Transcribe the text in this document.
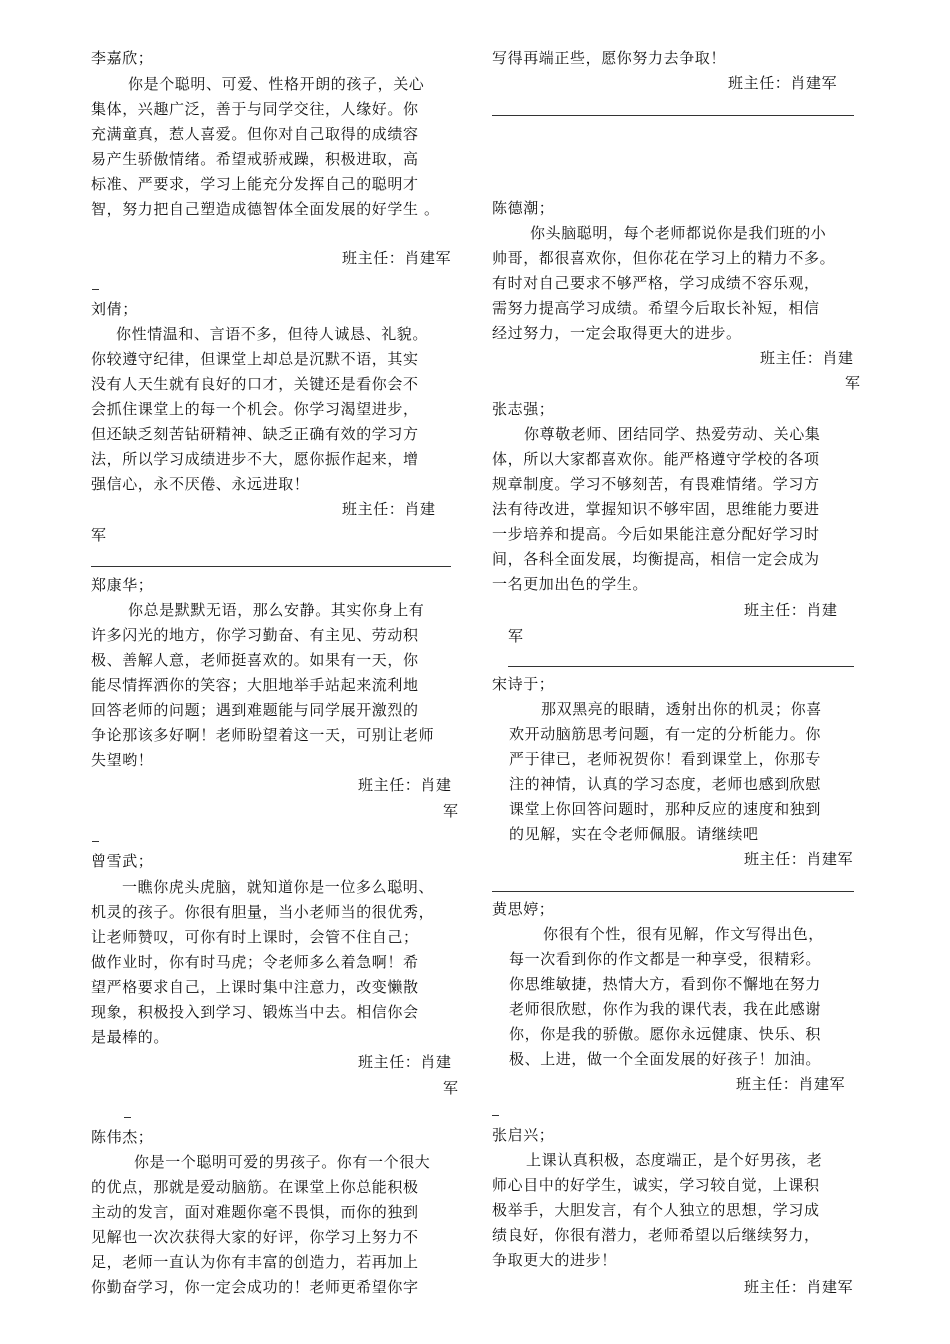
李嘉欣；
你是个聪明、可爱、性格开朗的孩子，关心
集体，兴趣广泛，善于与同学交往，人缘好。你
充满童真，惹人喜爱。但你对自己取得的成绩容
易产生骄傲情绪。希望戒骄戒躁，积极进取，高
标准、严要求，学习上能充分发挥自己的聪明才
智，努力把自己塑造成德智体全面发展的好学生 。
班主任：肖建军
刘倩；
你性情温和、言语不多，但待人诚恳、礼貌。
你较遵守纪律，但课堂上却总是沉默不语，其实
没有人天生就有良好的口才，关键还是看你会不
会抓住课堂上的每一个机会。你学习渴望进步，
但还缺乏刻苦钻研精神、缺乏正确有效的学习方
法，所以学习成绩进步不大，愿你振作起来，增
强信心，永不厌倦、永远进取！
班主任：肖建
军
郑康华；
你总是默默无语，那么安静。其实你身上有
许多闪光的地方，你学习勤奋、有主见、劳动积
极、善解人意，老师挺喜欢的。如果有一天，你
能尽情挥洒你的笑容；大胆地举手站起来流利地
回答老师的问题；遇到难题能与同学展开激烈的
争论那该多好啊！老师盼望着这一天，可别让老师
失望哟！
班主任：肖建
军
曾雪武；
一瞧你虎头虎脑，就知道你是一位多么聪明、
机灵的孩子。你很有胆量，当小老师当的很优秀，
让老师赞叹，可你有时上课时，会管不住自己；
做作业时，你有时马虎；令老师多么着急啊！希
望严格要求自己，上课时集中注意力，改变懒散
现象，积极投入到学习、锻炼当中去。相信你会
是最棒的。
班主任：肖建
军
陈伟杰；
你是一个聪明可爱的男孩子。你有一个很大
的优点，那就是爱动脑筋。在课堂上你总能积极
主动的发言，面对难题你毫不畏惧，而你的独到
见解也一次次获得大家的好评，你学习上努力不
足，老师一直认为你有丰富的创造力，若再加上
你勤奋学习，你一定会成功的！老师更希望你字
写得再端正些，愿你努力去争取！
班主任：肖建军
陈德潮；
你头脑聪明，每个老师都说你是我们班的小
帅哥，都很喜欢你，但你花在学习上的精力不多。
有时对自己要求不够严格，学习成绩不容乐观，
需努力提高学习成绩。希望今后取长补短，相信
经过努力，一定会取得更大的进步。
班主任：肖建
军
张志强；
你尊敬老师、团结同学、热爱劳动、关心集
体，所以大家都喜欢你。能严格遵守学校的各项
规章制度。学习不够刻苦，有畏难情绪。学习方
法有待改进，掌握知识不够牢固，思维能力要进
一步培养和提高。今后如果能注意分配好学习时
间，各科全面发展，均衡提高，相信一定会成为
一名更加出色的学生。
班主任：肖建
军
宋诗于；
那双黑亮的眼睛，透射出你的机灵；你喜
欢开动脑筋思考问题，有一定的分析能力。你
严于律已，老师祝贺你！看到课堂上，你那专
注的神情，认真的学习态度，老师也感到欣慰
课堂上你回答问题时，那种反应的速度和独到
的见解，实在令老师佩服。请继续吧
班主任：肖建军
黄思婷；
你很有个性，很有见解，作文写得出色，
每一次看到你的作文都是一种享受，很精彩。
你思维敏捷，热情大方，看到你不懈地在努力
老师很欣慰，你作为我的课代表，我在此感谢
你，你是我的骄傲。愿你永远健康、快乐、积
极、上进，做一个全面发展的好孩子！加油。
班主任：肖建军
张启兴；
上课认真积极，态度端正，是个好男孩，老
师心目中的好学生，诚实，学习较自觉，上课积
极举手，大胆发言，有个人独立的思想，学习成
绩良好，你很有潜力，老师希望以后继续努力，
争取更大的进步！
班主任：肖建军
